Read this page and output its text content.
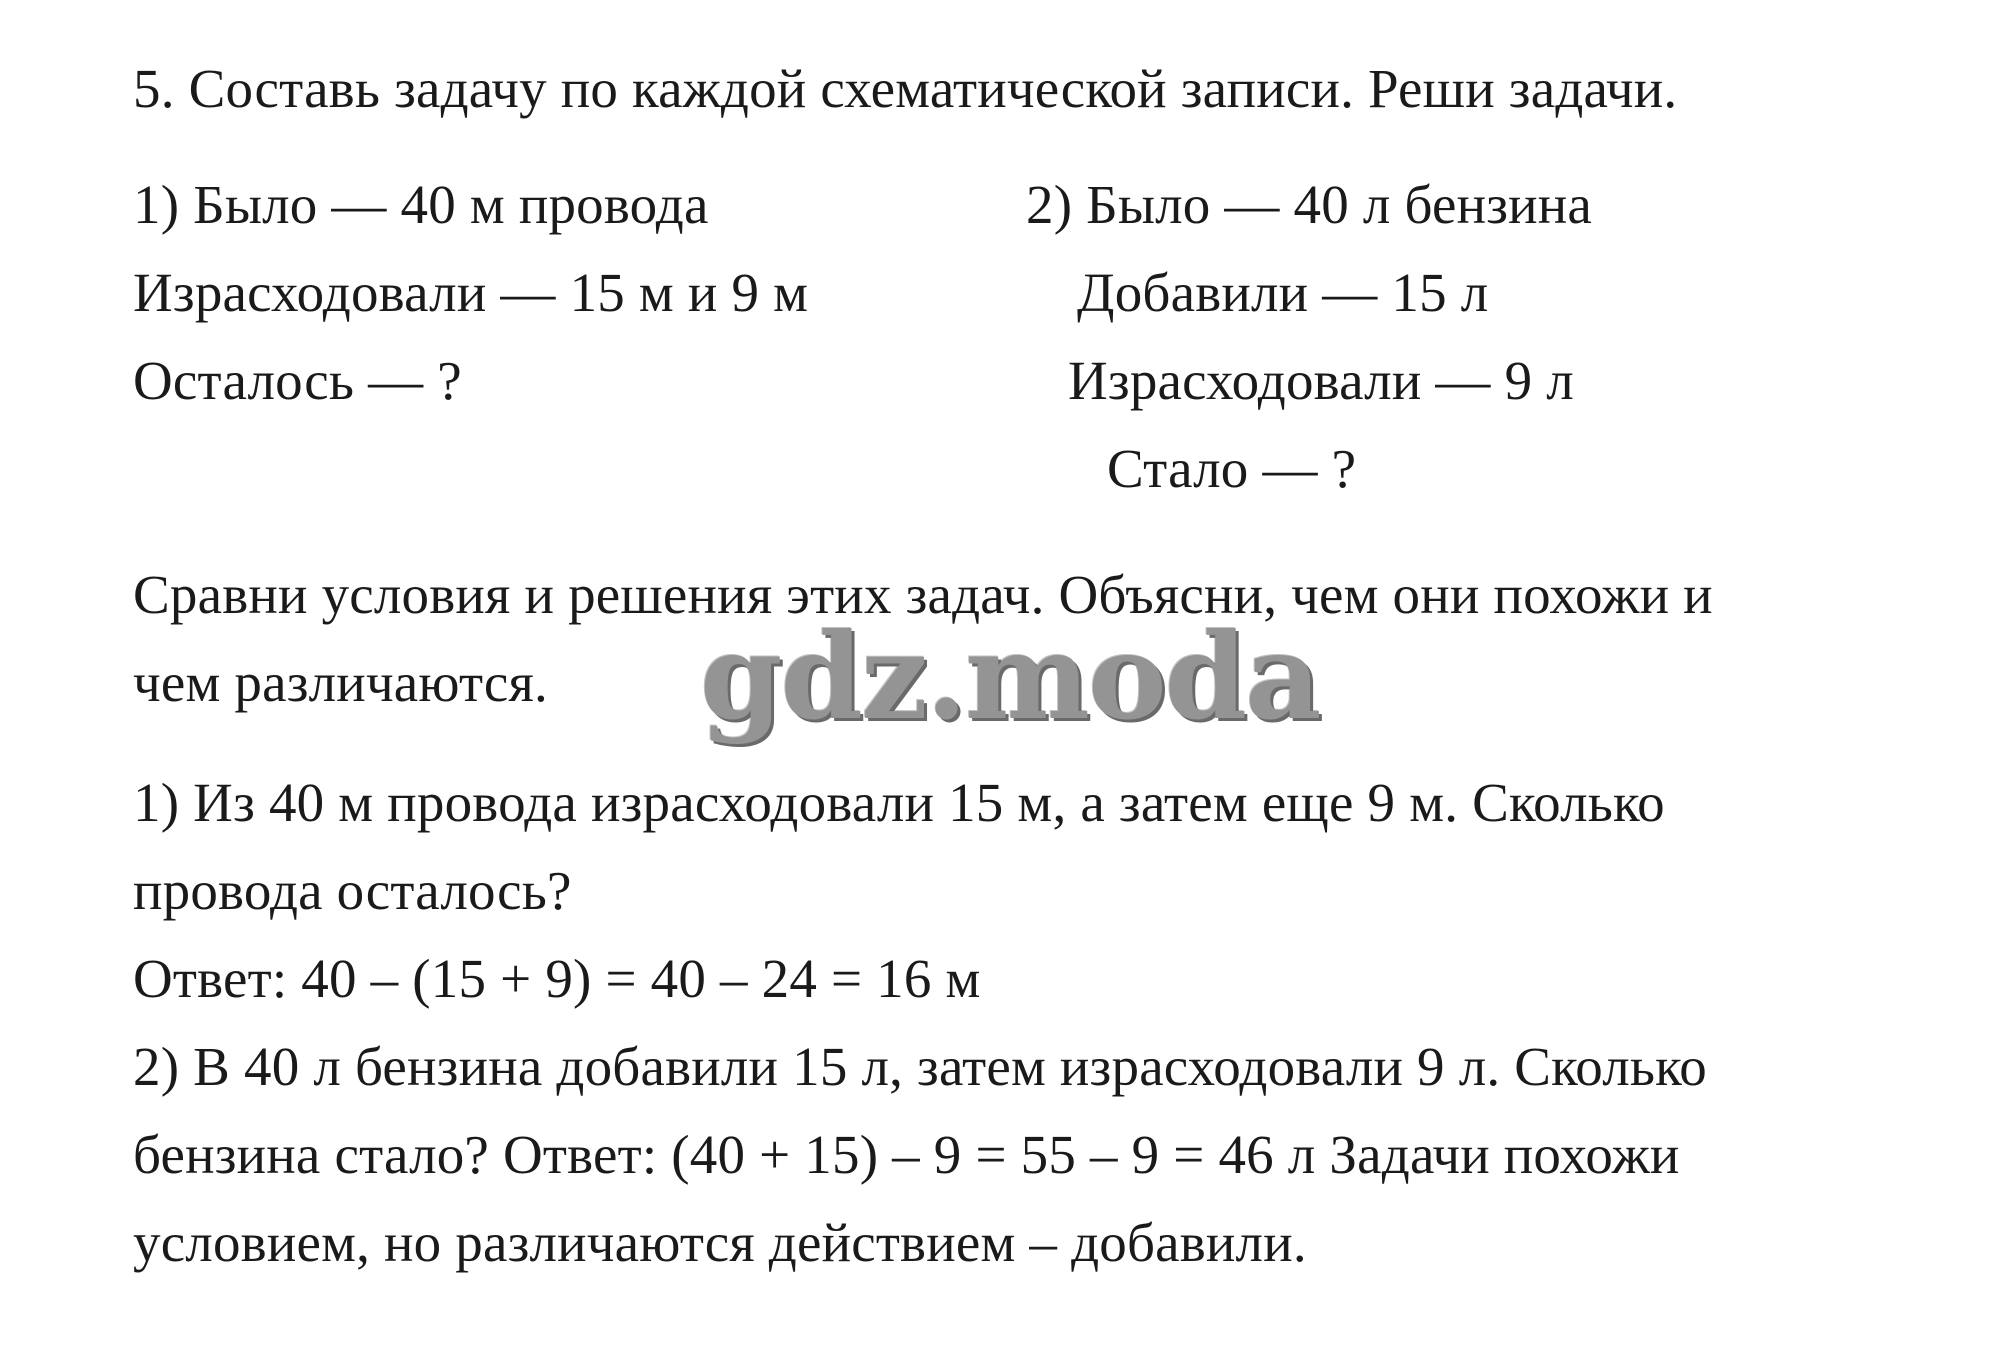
5. Составь задачу по каждой схематической записи. Реши задачи.
1) Было — 40 м провода
Израсходовали — 15 м и 9 м
Осталось — ?
2) Было — 40 л бензина
Добавили — 15 л
Израсходовали — 9 л
Стало — ?
Сравни условия и решения этих задач. Объясни, чем они похожи и
чем различаются. gdz.moda
1) Из 40 м провода израсходовали 15 м, а затем еще 9 м. Сколько
провода осталось?
Ответ: 40 – (15 + 9) = 40 – 24 = 16 м
2) В 40 л бензина добавили 15 л, затем израсходовали 9 л. Сколько
бензина стало? Ответ: (40 + 15) – 9 = 55 – 9 = 46 л Задачи похожи
условием, но различаются действием – добавили.
